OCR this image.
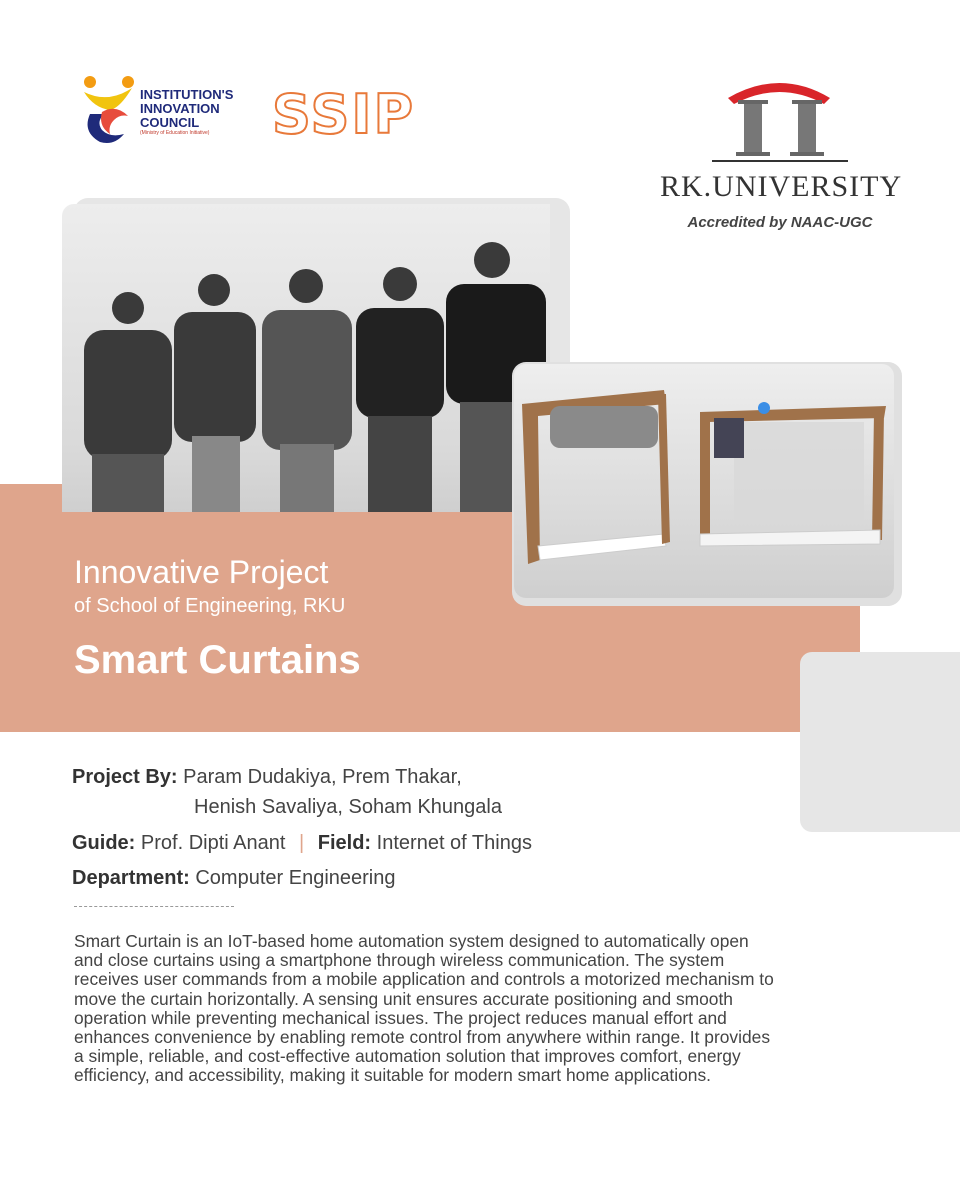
INSTITUTION'S
INNOVATION
COUNCIL
(Ministry of Education Initiative)	SSIP
RK.UNIVERSITY
Accredited by NAAC-UGC
Innovative Project
of School of Engineering, RKU
Smart Curtains
Project By: Param Dudakiya, Prem Thakar,
Henish Savaliya, Soham Khungala
Guide: Prof. Dipti Anant | Field: Internet of Things
Department: Computer Engineering
Smart Curtain is an IoT-based home automation system designed to automatically open and close curtains using a smartphone through wireless communication. The system receives user commands from a mobile application and controls a motorized mechanism to move the curtain horizontally. A sensing unit ensures accurate positioning and smooth operation while preventing mechanical issues. The project reduces manual effort and enhances convenience by enabling remote control from anywhere within range. It provides a simple, reliable, and cost-effective automation solution that improves comfort, energy efficiency, and accessibility, making it suitable for modern smart home applications.
